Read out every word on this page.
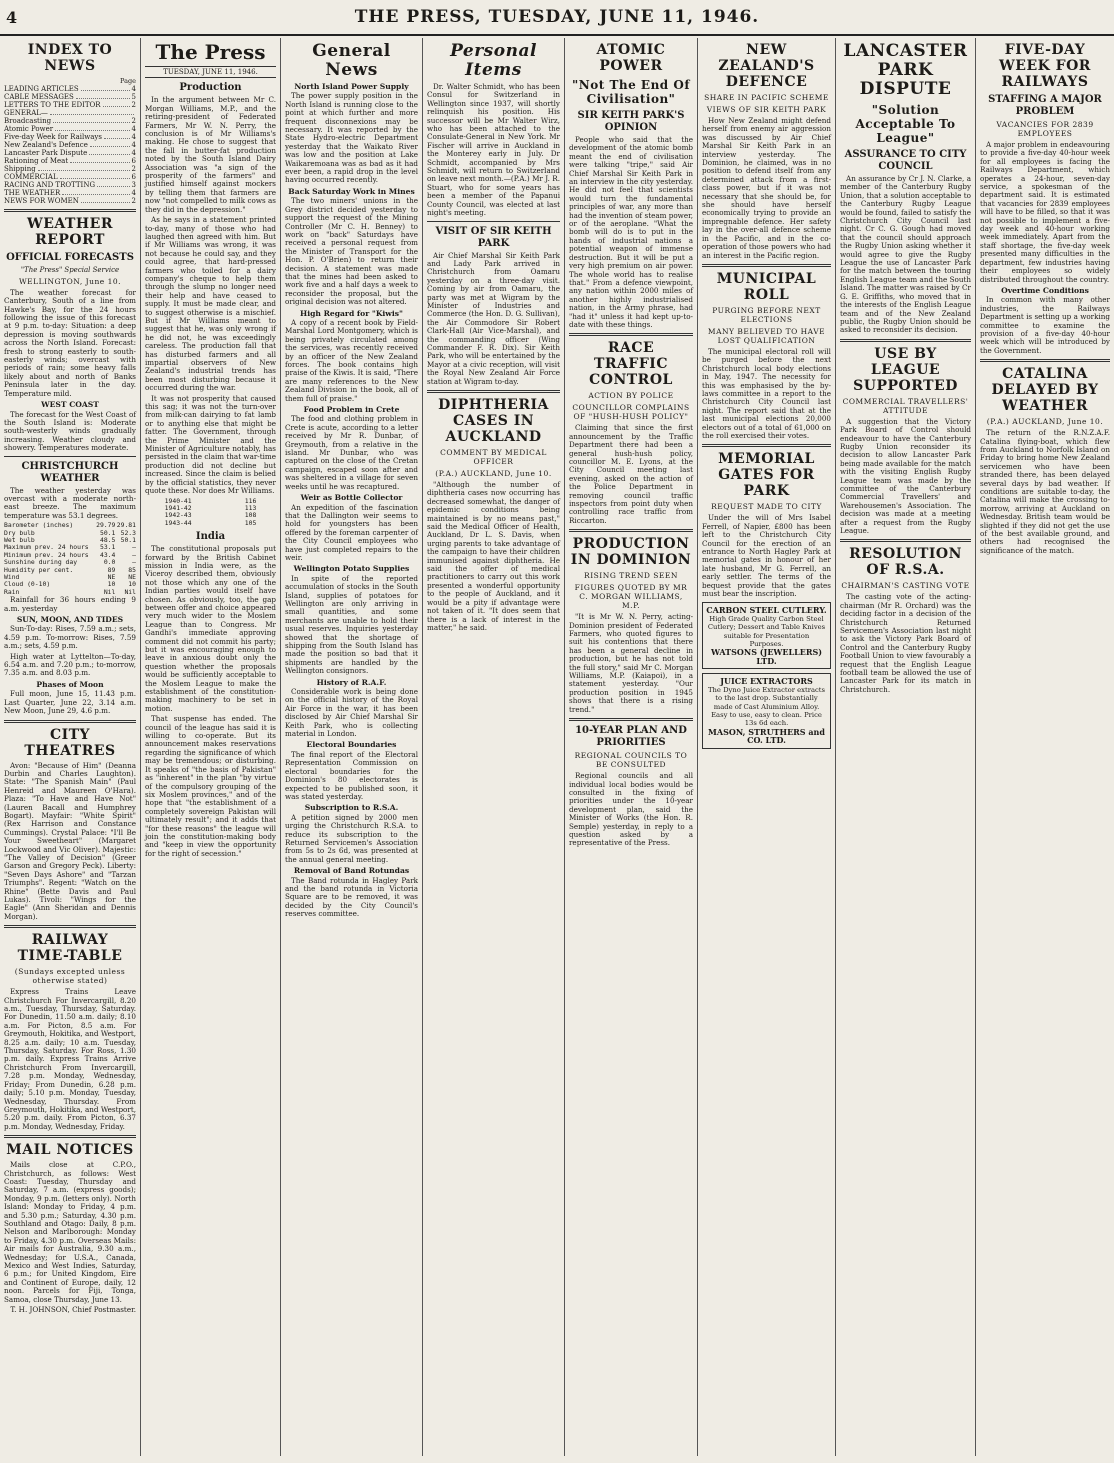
4	THE PRESS, TUESDAY, JUNE 11, 1946.
INDEX TO NEWS
Page
LEADING ARTICLES	4
CABLE MESSAGES	5
LETTERS TO THE EDITOR	2
GENERAL—
Broadcasting	2
Atomic Power	4
Five-day Week for Railways	4
New Zealand's Defence	4
Lancaster Park Dispute	4
Rationing of Meat	6
Shipping	2
COMMERCIAL	6
RACING AND TROTTING	3
THE WEATHER	4
NEWS FOR WOMEN	2
WEATHER REPORT
OFFICIAL FORECASTS
"The Press" Special Service
WELLINGTON, June 10.

The weather forecast for Canterbury, South of a line from Hawke's Bay, for the 24 hours following the issue of this forecast at 9 p.m. to-day: Situation: a deep depression is moving southwards across the North Island. Forecast: fresh to strong easterly to south-easterly winds; overcast with periods of rain; some heavy falls likely about and north of Banks Peninsula later in the day. Temperature mild.

WEST COAST

The forecast for the West Coast of the South Island is: Moderate south-westerly winds gradually increasing. Weather cloudy and showery. Temperatures moderate.

CHRISTCHURCH WEATHER

The weather yesterday was overcast with a moderate north-east breeze. The maximum temperature was 53.1 degrees.

Barometer (inches)	29.79	29.81
Dry bulb	50.1	52.3
Wet bulb	48.5	50.1
Maximum prev. 24 hours	53.1	—
Minimum prev. 24 hours	43.4	—
Sunshine during day	0.0	—
Humidity per cent.	89	85
Wind	NE	NE
Cloud (0-10)	10	10
Rain	Nil	Nil

Rainfall for 36 hours ending 9 a.m. yesterday

SUN, MOON, AND TIDES

Sun-To-day: Rises, 7.59 a.m.; sets, 4.59 p.m. To-morrow: Rises, 7.59 a.m.; sets, 4.59 p.m.

High water at Lyttelton—To-day, 6.54 a.m. and 7.20 p.m.; to-morrow, 7.35 a.m. and 8.03 p.m.

Phases of Moon

Full moon, June 15, 11.43 p.m. Last Quarter, June 22, 3.14 a.m. New Moon, June 29, 4.6 p.m.

CITY THEATRES

Avon: "Because of Him" (Deanna Durbin and Charles Laughton). State: "The Spanish Main" (Paul Henreid and Maureen O'Hara). Plaza: "To Have and Have Not" (Lauren Bacall and Humphrey Bogart). Mayfair: "White Spirit" (Rex Harrison and Constance Cummings). Crystal Palace: "I'll Be Your Sweetheart" (Margaret Lockwood and Vic Oliver). Majestic: "The Valley of Decision" (Greer Garson and Gregory Peck). Liberty: "Seven Days Ashore" and "Tarzan Triumphs". Regent: "Watch on the Rhine" (Bette Davis and Paul Lukas). Tivoli: "Wings for the Eagle" (Ann Sheridan and Dennis Morgan).

RAILWAY TIME-TABLE
(Sundays excepted unless otherwise stated)

Express Trains Leave Christchurch For Invercargill, 8.20 a.m., Tuesday, Thursday, Saturday. For Dunedin, 11.50 a.m. daily; 8.10 a.m. For Picton, 8.5 a.m. For Greymouth, Hokitika, and Westport, 8.25 a.m. daily; 10 a.m. Tuesday, Thursday, Saturday. For Ross, 1.30 p.m. daily. Express Trains Arrive Christchurch From Invercargill, 7.28 p.m. Monday, Wednesday, Friday; From Dunedin, 6.28 p.m. daily; 5.10 p.m. Monday, Tuesday, Wednesday, Thursday. From Greymouth, Hokitika, and Westport, 5.20 p.m. daily. From Picton, 6.37 p.m. Monday, Wednesday, Friday.

MAIL NOTICES

Mails close at C.P.O., Christchurch, as follows: West Coast: Tuesday, Thursday and Saturday, 7 a.m. (express goods); Monday, 9 p.m. (letters only). North Island: Monday to Friday, 4 p.m. and 5.30 p.m.; Saturday, 4.30 p.m. Southland and Otago: Daily, 8 p.m. Nelson and Marlborough: Monday to Friday, 4.30 p.m. Overseas Mails: Air mails for Australia, 9.30 a.m., Wednesday; for U.S.A., Canada, Mexico and West Indies, Saturday, 6 p.m.; for United Kingdom, Eire and Continent of Europe, daily, 12 noon. Parcels for Fiji, Tonga, Samoa, close Thursday, June 13.

T. H. JOHNSON, Chief Postmaster.

The Press
TUESDAY, JUNE 11, 1946.
Production

In the argument between Mr C. Morgan Williams, M.P., and the retiring-president of Federated Farmers, Mr W. N. Perry, the conclusion is of Mr Williams's making. He chose to suggest that the fall in butter-fat production noted by the South Island Dairy Association was "a sign of the prosperity of the farmers" and justified himself against mockers by telling them that farmers are now "not compelled to milk cows as they did in the depression."

As he says in a statement printed to-day, many of those who had laughed then agreed with him. But if Mr Williams was wrong, it was not because he could say, and they could agree, that hard-pressed farmers who toiled for a dairy company's cheque to help them through the slump no longer need their help and have ceased to supply. It must be made clear, and to suggest otherwise is a mischief. But if Mr Williams meant to suggest that he, was only wrong if he did not, he was exceedingly careless. The production fall that has disturbed farmers and all impartial observers of New Zealand's industrial trends has been most disturbing because it occurred during the war.

It was not prosperity that caused this sag; it was not the turn-over from milk-can dairying to fat lamb or to anything else that might be fatter. The Government, through the Prime Minister and the Minister of Agriculture notably, has persisted in the claim that war-time production did not decline but increased. Since the claim is belied by the official statistics, they never quote these. Nor does Mr Williams.

1940-41	116
1941-42	113
1942-43	108
1943-44	105
India

The constitutional proposals put forward by the British Cabinet mission in India were, as the Viceroy described them, obviously not those which any one of the Indian parties would itself have chosen. As obviously, too, the gap between offer and choice appeared very much wider to the Moslem League than to Congress. Mr Gandhi's immediate approving comment did not commit his party; but it was encouraging enough to leave in anxious doubt only the question whether the proposals would be sufficiently acceptable to the Moslem League to make the establishment of the constitution-making machinery to be set in motion.

That suspense has ended. The council of the league has said it is willing to co-operate. But its announcement makes reservations regarding the significance of which may be tremendous; or disturbing. It speaks of "the basis of Pakistan" as "inherent" in the plan "by virtue of the compulsory grouping of the six Moslem provinces," and of the hope that "the establishment of a completely sovereign Pakistan will ultimately result"; and it adds that "for these reasons" the league will join the constitution-making body and "keep in view the opportunity for the right of secession."

General News
North Island Power Supply

The power supply position in the North Island is running close to the point at which further and more frequent disconnexions may be necessary. It was reported by the State Hydro-electric Department yesterday that the Waikato River was low and the position at Lake Waikaremoana was as bad as it had ever been, a rapid drop in the level having occurred recently.

Back Saturday Work in Mines

The two miners' unions in the Grey district decided yesterday to support the request of the Mining Controller (Mr C. H. Benney) to work on "back" Saturdays have received a personal request from the Minister of Transport for the Hon. P. O'Brien) to return their decision. A statement was made that the mines had been asked to work five and a half days a week to reconsider the proposal, but the original decision was not altered.

High Regard for "Kiwis"

A copy of a recent book by Field-Marshal Lord Montgomery, which is being privately circulated among the services, was recently received by an officer of the New Zealand forces. The book contains high praise of the Kiwis. It is said, "There are many references to the New Zealand Division in the book, all of them full of praise."

Food Problem in Crete

The food and clothing problem in Crete is acute, according to a letter received by Mr R. Dunbar, of Greymouth, from a relative in the island. Mr Dunbar, who was captured on the close of the Cretan campaign, escaped soon after and was sheltered in a village for seven weeks until he was recaptured.

Weir as Bottle Collector

An expedition of the fascination that the Dallington weir seems to hold for youngsters has been offered by the foreman carpenter of the City Council employees who have just completed repairs to the weir.

Wellington Potato Supplies

In spite of the reported accumulation of stocks in the South Island, supplies of potatoes for Wellington are only arriving in small quantities, and some merchants are unable to hold their usual reserves. Inquiries yesterday showed that the shortage of shipping from the South Island has made the position so bad that it shipments are handled by the Wellington consignors.

History of R.A.F.

Considerable work is being done on the official history of the Royal Air Force in the war, it has been disclosed by Air Chief Marshal Sir Keith Park, who is collecting material in London.

Electoral Boundaries

The final report of the Electoral Representation Commission on electoral boundaries for the Dominion's 80 electorates is expected to be published soon, it was stated yesterday.

Subscription to R.S.A.

A petition signed by 2000 men urging the Christchurch R.S.A. to reduce its subscription to the Returned Servicemen's Association from 5s to 2s 6d, was presented at the annual general meeting.

Removal of Band Rotundas

The Band rotunda in Hagley Park and the band rotunda in Victoria Square are to be removed, it was decided by the City Council's reserves committee.

Personal Items

Dr. Walter Schmidt, who has been Consul for Switzerland in Wellington since 1937, will shortly relinquish his position. His successor will be Mr Walter Wirz, who has been attached to the Consulate-General in New York. Mr Fischer will arrive in Auckland in the Monterey early in July. Dr Schmidt, accompanied by Mrs Schmidt, will return to Switzerland on leave next month.—(P.A.) Mr J. R. Stuart, who for some years has been a member of the Papanui County Council, was elected at last night's meeting.

VISIT OF SIR KEITH PARK

Air Chief Marshal Sir Keith Park and Lady Park arrived in Christchurch from Oamaru yesterday on a three-day visit. Coming by air from Oamaru, the party was met at Wigram by the Minister of Industries and Commerce (the Hon. D. G. Sullivan), the Air Commodore Sir Robert Clark-Hall (Air Vice-Marshal), and the commanding officer (Wing Commander F. R. Dix). Sir Keith Park, who will be entertained by the Mayor at a civic reception, will visit the Royal New Zealand Air Force station at Wigram to-day.

DIPHTHERIA CASES IN AUCKLAND
COMMENT BY MEDICAL OFFICER
(P.A.) AUCKLAND, June 10.

"Although the number of diphtheria cases now occurring has decreased somewhat, the danger of epidemic conditions being maintained is by no means past," said the Medical Officer of Health, Auckland, Dr L. S. Davis, when urging parents to take advantage of the campaign to have their children immunised against diphtheria. He said the offer of medical practitioners to carry out this work presented a wonderful opportunity to the people of Auckland, and it would be a pity if advantage were not taken of it. "It does seem that there is a lack of interest in the matter," he said.

ATOMIC POWER
"Not The End Of Civilisation"
SIR KEITH PARK'S OPINION

People who said that the development of the atomic bomb meant the end of civilisation were talking "tripe," said Air Chief Marshal Sir Keith Park in an interview in the city yesterday. He did not feel that scientists would turn the fundamental principles of war, any more than had the invention of steam power, or of the aeroplane. "What the bomb will do is to put in the hands of industrial nations a potential weapon of immense destruction. But it will be put a very high premium on air power. The whole world has to realise that." From a defence viewpoint, any nation within 2000 miles of another highly industrialised nation, in the Army phrase, had "had it" unless it had kept up-to-date with these things.

RACE TRAFFIC CONTROL
ACTION BY POLICE
COUNCILLOR COMPLAINS OF "HUSH-HUSH POLICY"

Claiming that since the first announcement by the Traffic Department there had been a general hush-hush policy, councillor M. E. Lyons, at the City Council meeting last evening, asked on the action of the Police Department in removing council traffic inspectors from point duty when controlling race traffic from Riccarton.

PRODUCTION IN DOMINION
RISING TREND SEEN
FIGURES QUOTED BY MR C. MORGAN WILLIAMS, M.P.

"It is Mr W. N. Perry, acting-Dominion president of Federated Farmers, who quoted figures to suit his contentions that there has been a general decline in production, but he has not told the full story," said Mr C. Morgan Williams, M.P. (Kaiapoi), in a statement yesterday. "Our production position in 1945 shows that there is a rising trend."

10-YEAR PLAN AND PRIORITIES
REGIONAL COUNCILS TO BE CONSULTED

Regional councils and all individual local bodies would be consulted in the fixing of priorities under the 10-year development plan, said the Minister of Works (the Hon. R. Semple) yesterday, in reply to a question asked by a representative of the Press.

NEW ZEALAND'S DEFENCE
SHARE IN PACIFIC SCHEME
VIEWS OF SIR KEITH PARK

How New Zealand might defend herself from enemy air aggression was discussed by Air Chief Marshal Sir Keith Park in an interview yesterday. The Dominion, he claimed, was in no position to defend itself from any determined attack from a first-class power, but if it was not necessary that she should be, for she should have herself economically trying to provide an impregnable defence. Her safety lay in the over-all defence scheme in the Pacific, and in the co-operation of those powers who had an interest in the Pacific region.

MUNICIPAL ROLL
PURGING BEFORE NEXT ELECTIONS
MANY BELIEVED TO HAVE LOST QUALIFICATION

The municipal electoral roll will be purged before the next Christchurch local body elections in May, 1947. The necessity for this was emphasised by the by-laws committee in a report to the Christchurch City Council last night. The report said that at the last municipal elections 20,000 electors out of a total of 61,000 on the roll exercised their votes.

MEMORIAL GATES FOR PARK
REQUEST MADE TO CITY

Under the will of Mrs Isabel Ferrell, of Napier, £800 has been left to the Christchurch City Council for the erection of an entrance to North Hagley Park at memorial gates in honour of her late husband, Mr G. Ferrell, an early settler. The terms of the bequest provide that the gates must bear the inscription.

CARBON STEEL CUTLERY.
High Grade Quality Carbon Steel Cutlery; Dessert and Table Knives suitable for Presentation Purposes.
WATSONS (JEWELLERS) LTD.
JUICE EXTRACTORS
The Dyno Juice Extractor extracts to the last drop. Substantially made of Cast Aluminium Alloy. Easy to use, easy to clean. Price 13s 6d each.
MASON, STRUTHERS and CO. LTD.
LANCASTER PARK DISPUTE
"Solution Acceptable To League"
ASSURANCE TO CITY COUNCIL

An assurance by Cr J. N. Clarke, a member of the Canterbury Rugby Union, that a solution acceptable to the Canterbury Rugby League would be found, failed to satisfy the Christchurch City Council last night. Cr C. G. Gough had moved that the council should approach the Rugby Union asking whether it would agree to give the Rugby League the use of Lancaster Park for the match between the touring English League team and the South Island. The matter was raised by Cr G. E. Griffiths, who moved that in the interests of the English League team and of the New Zealand public, the Rugby Union should be asked to reconsider its decision.

USE BY LEAGUE SUPPORTED
COMMERCIAL TRAVELLERS' ATTITUDE

A suggestion that the Victory Park Board of Control should endeavour to have the Canterbury Rugby Union reconsider its decision to allow Lancaster Park being made available for the match with the visiting English Rugby League team was made by the committee of the Canterbury Commercial Travellers' and Warehousemen's Association. The decision was made at a meeting after a request from the Rugby League.

RESOLUTION OF R.S.A.
CHAIRMAN'S CASTING VOTE

The casting vote of the acting-chairman (Mr R. Orchard) was the deciding factor in a decision of the Christchurch Returned Servicemen's Association last night to ask the Victory Park Board of Control and the Canterbury Rugby Football Union to view favourably a request that the English League football team be allowed the use of Lancaster Park for its match in Christchurch.

FIVE-DAY WEEK FOR RAILWAYS
STAFFING A MAJOR PROBLEM
VACANCIES FOR 2839 EMPLOYEES

A major problem in endeavouring to provide a five-day 40-hour week for all employees is facing the Railways Department, which operates a 24-hour, seven-day service, a spokesman of the department said. It is estimated that vacancies for 2839 employees will have to be filled, so that it was not possible to implement a five-day week and 40-hour working week immediately. Apart from the staff shortage, the five-day week presented many difficulties in the department, few industries having their employees so widely distributed throughout the country.

Overtime Conditions

In common with many other industries, the Railways Department is setting up a working committee to examine the provision of a five-day 40-hour week which will be introduced by the Government.

CATALINA DELAYED BY WEATHER
(P.A.) AUCKLAND, June 10.

The return of the R.N.Z.A.F. Catalina flying-boat, which flew from Auckland to Norfolk Island on Friday to bring home New Zealand servicemen who have been stranded there, has been delayed several days by bad weather. If conditions are suitable to-day, the Catalina will make the crossing to-morrow, arriving at Auckland on Wednesday. British team would be slighted if they did not get the use of the best available ground, and others had recognised the significance of the match.
